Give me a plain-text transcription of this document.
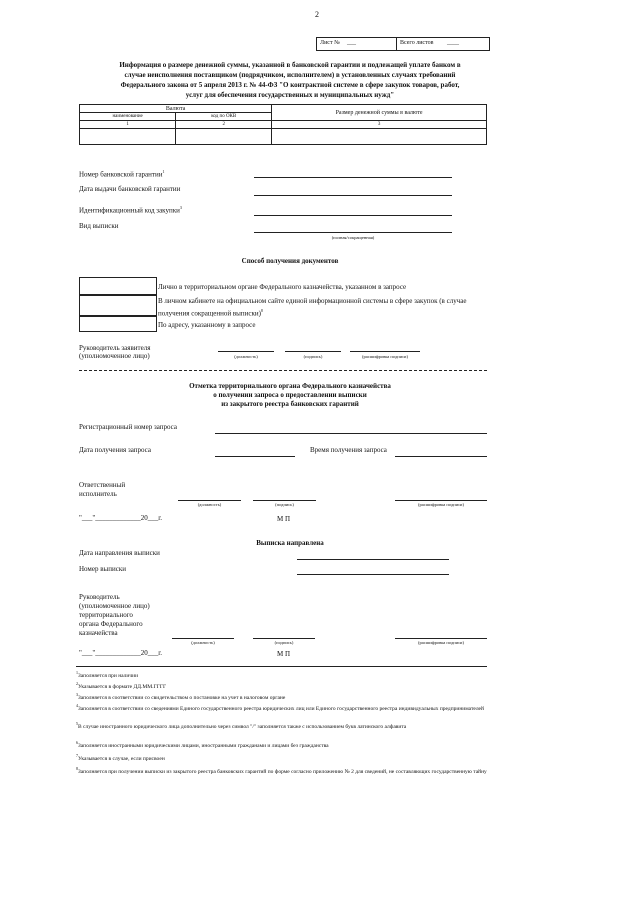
2
Лист № ___	Всего листов ____
Информация о размере денежной суммы, указанной в банковской гарантии и подлежащей уплате банком в
случае неисполнения поставщиком (подрядчиком, исполнителем) в установленных случаях требований
Федерального закона от 5 апреля 2013 г. № 44-ФЗ "О контрактной системе в сфере закупок товаров, работ,
услуг для обеспечения государственных и муниципальных нужд"
Валюта		Размер денежной суммы в валюте
наименование	код по ОКВ	
1	2	3

Номер банковской гарантии$^1$
Дата выдачи банковской гарантии
Идентификационный код закупки$^3$
Вид выписки
(полная/сокращенная)
Способ получения документов
Лично в территориальном органе Федерального казначейства, указанном в запросе
В личном кабинете на официальном сайте единой информационной системы в сфере закупок (в случае получения сокращенной выписки)$^8$
По адресу, указанному в запросе
Руководитель заявителя
(уполномоченное лицо)	(должность)	(подпись)	(расшифровка подписи)
Отметка территориального органа Федерального казначейства
о получении запроса о предоставлении выписки
из закрытого реестра банковских гарантий
Регистрационный номер запроса
Дата получения запроса	Время получения запроса
Ответственный
исполнитель
(должность)	(подпись)	(расшифровка подписи)
"___"_____________20___г.	М П
Выписка направлена
Дата направления выписки
Номер выписки
Руководитель
(уполномоченное лицо)
территориального
органа Федерального
казначейства
(должность)	(подпись)	(расшифровка подписи)
"___"_____________20___г.	М П
$^1$Заполняется при наличии
$^2$Указывается в формате ДД.ММ.ГГГГ
$^3$Заполняется в соответствии со свидетельством о постановке на учет в налоговом органе
$^4$Заполняется в соответствии со сведениями Единого государственного реестра юридических лиц или Единого государственного реестра индивидуальных предпринимателей
$^5$В случае иностранного юридического лица дополнительно через символ "/" заполняется также с использованием букв латинского алфавита
$^6$Заполняется иностранными юридическими лицами, иностранными гражданами и лицами без гражданства
$^7$Указывается в случае, если присвоен
$^8$Заполняется при получении выписки из закрытого реестра банковских гарантий по форме согласно приложению № 2 для сведений, не составляющих государственную тайну
